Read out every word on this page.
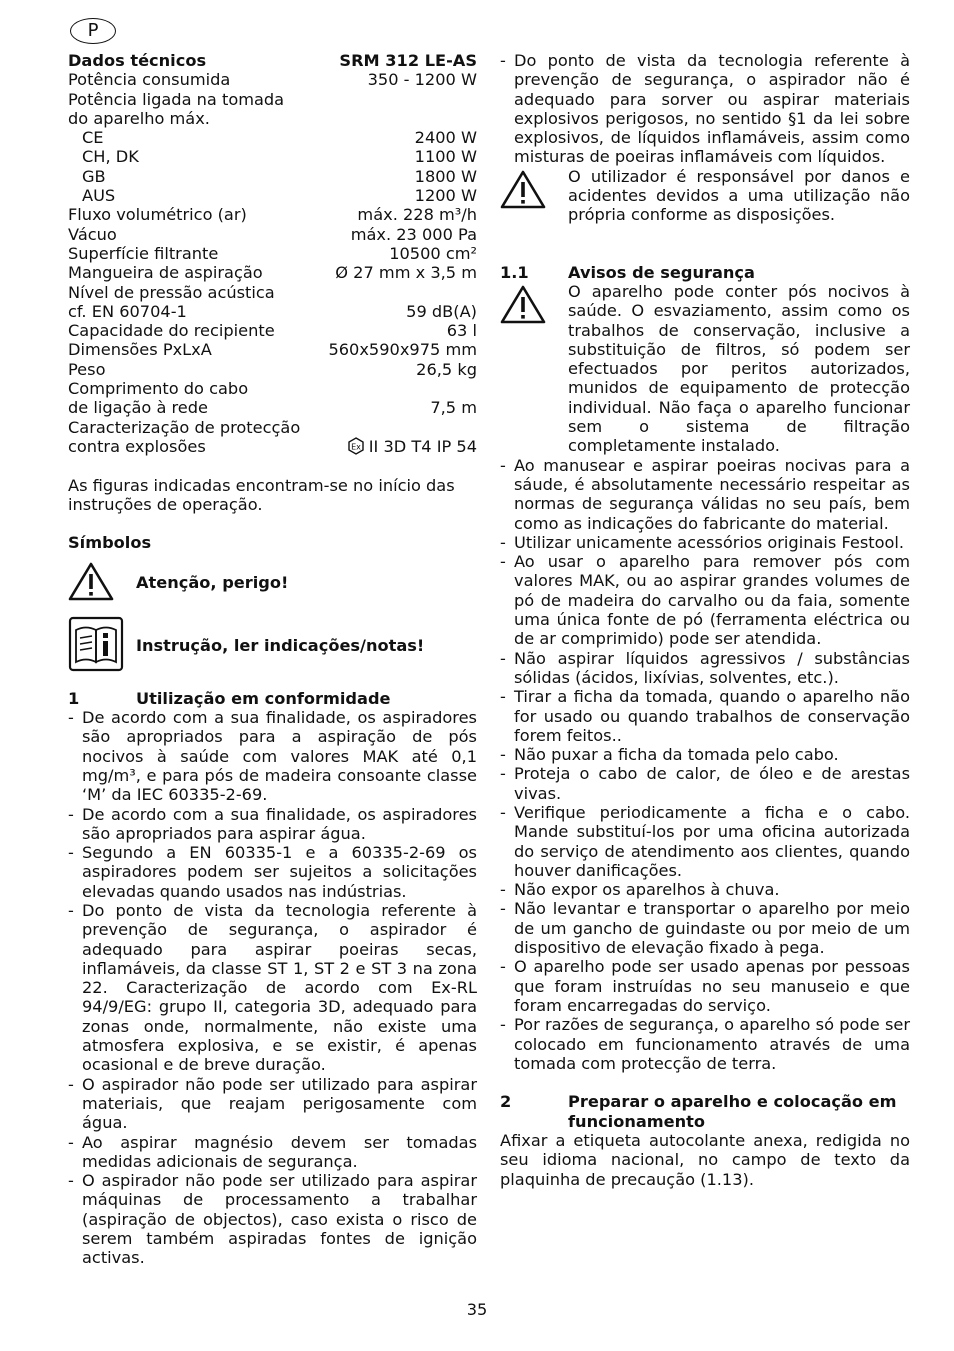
P
Dados técnicos	SRM 312 LE-AS
Potência consumida	350 - 1200 W
Potência ligada na tomada
do aparelho máx.
CE	2400 W
CH, DK	1100 W
GB	1800 W
AUS	1200 W
Fluxo volumétrico (ar)	máx. 228 m³/h
Vácuo	máx. 23 000 Pa
Superfície filtrante	10500 cm²
Mangueira de aspiração	Ø 27 mm x 3,5 m
Nível de pressão acústica
cf. EN 60704-1	59 dB(A)
Capacidade do recipiente	63 l
Dimensões PxLxA	560x590x975 mm
Peso	26,5 kg
Comprimento do cabo
de ligação à rede	7,5 m
Caracterização de protecção
contra explosões	Ex II 3D T4 IP 54

As figuras indicadas encontram-se no início das instruções de operação.

Símbolos
Atenção, perigo!
Instrução, ler indicações/notas!
1	Utilização em conformidade
- De acordo com a sua finalidade, os aspiradores são apropriados para a aspiração de pós nocivos à saúde com valores MAK até 0,1 mg/m³, e para pós de madeira consoante classe ‘M’ da IEC 60335-2-69.
- De acordo com a sua finalidade, os aspiradores são apropriados para aspirar água.
- Segundo a EN 60335-1 e a 60335-2-69 os aspiradores podem ser sujeitos a solicitações elevadas quando usados nas indústrias.
- Do ponto de vista da tecnologia referente à prevenção de segurança, o aspirador é adequado para aspirar poeiras secas, inflamáveis, da classe ST 1, ST 2 e ST 3 na zona 22. Caracterização de acordo com Ex-RL 94/9/EG: grupo II, categoria 3D, adequado para zonas onde, normalmente, não existe uma atmosfera explosiva, e se existir, é apenas ocasional e de breve duração.
- O aspirador não pode ser utilizado para aspirar materiais, que reajam perigosamente com água.
- Ao aspirar magnésio devem ser tomadas medidas adicionais de segurança.
- O aspirador não pode ser utilizado para aspirar máquinas de processamento a trabalhar (aspiração de objectos), caso exista o risco de serem também aspiradas fontes de ignição activas.
- Do ponto de vista da tecnologia referente à prevenção de segurança, o aspirador não é adequado para sorver ou aspirar materiais explosivos perigosos, no sentido §1 da lei sobre explosivos, de líquidos inflamáveis, assim como misturas de poeiras inflamáveis com líquidos.

O utilizador é responsável por danos e acidentes devidos a uma utilização não própria conforme as disposições.

1.1	Avisos de segurança

O aparelho pode conter pós nocivos à saúde. O esvaziamento, assim como os trabalhos de conservação, inclusive a substituição de filtros, só podem ser efectuados por peritos autorizados, munidos de equipamento de protecção individual. Não faça o aparelho funcionar sem o sistema de filtração completamente instalado.

- Ao manusear e aspirar poeiras nocivas para a sáude, é absolutamente necessário respeitar as normas de segurança válidas no seu país, bem como as indicações do fabricante do material.
- Utilizar unicamente acessórios originais Festool.
- Ao usar o aparelho para remover pós com valores MAK, ou ao aspirar grandes volumes de pó de madeira do carvalho ou da faia, somente uma única fonte de pó (ferramenta eléctrica ou de ar comprimido) pode ser atendida.
- Não aspirar líquidos agressivos / substâncias sólidas (ácidos, lixívias, solventes, etc.).
- Tirar a ficha da tomada, quando o aparelho não for usado ou quando trabalhos de conservação forem feitos..
- Não puxar a ficha da tomada pelo cabo.
- Proteja o cabo de calor, de óleo e de arestas vivas.
- Verifique periodicamente a ficha e o cabo. Mande substituí-los por uma oficina autorizada do serviço de atendimento aos clientes, quando houver danificações.
- Não expor os aparelhos à chuva.
- Não levantar e transportar o aparelho por meio de um gancho de guindaste ou por meio de um dispositivo de elevação fixado à pega.
- O aparelho pode ser usado apenas por pessoas que foram instruídas no seu manuseio e que foram encarregadas do serviço.
- Por razões de segurança, o aparelho só pode ser colocado em funcionamento através de uma tomada com protecção de terra.
2	Preparar o aparelho e colocação em funcionamento

Afixar a etiqueta autocolante anexa, redigida no seu idioma nacional, no campo de texto da plaquinha de precaução (1.13).

35
